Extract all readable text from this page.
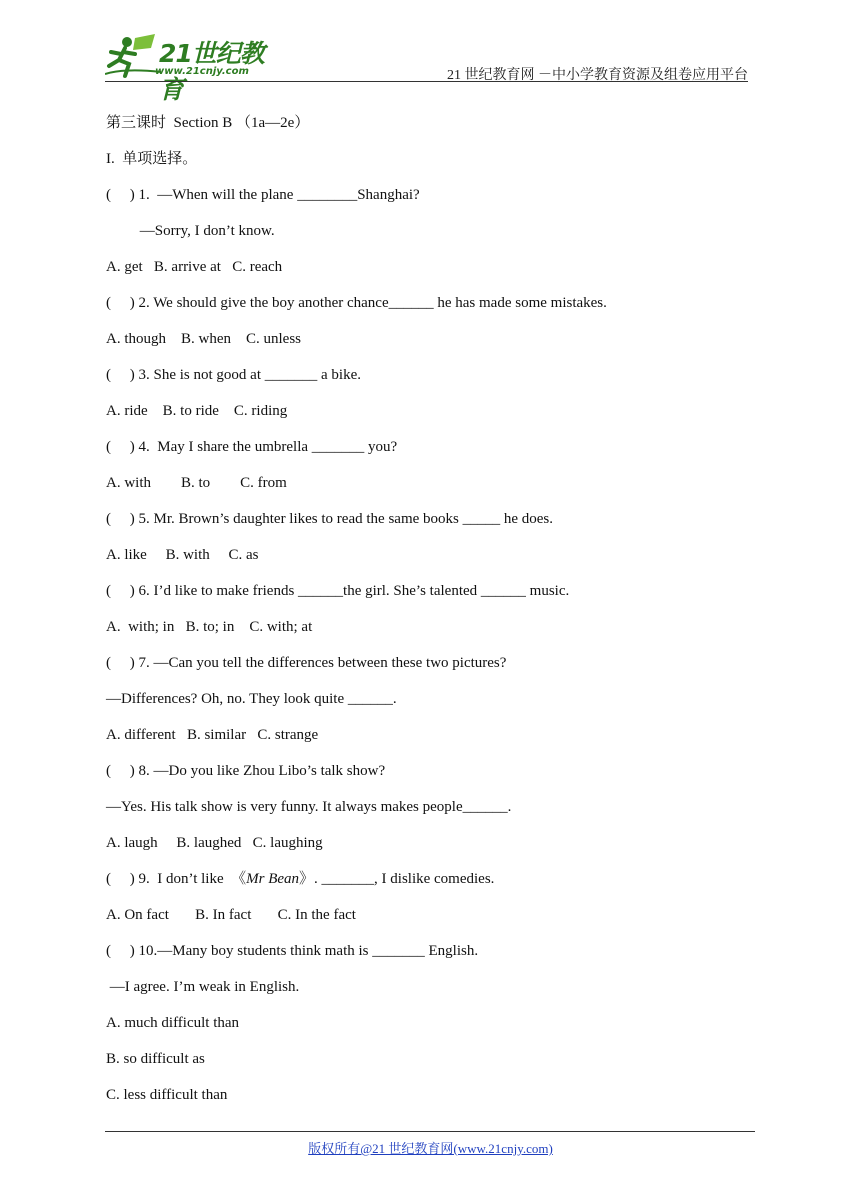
21世纪教育
www.21cnjy.com	21 世纪教育网 －中小学教育资源及组卷应用平台
第三课时  Section B （1a—2e）
I.  单项选择。
(     ) 1.  —When will the plane ________Shanghai?
—Sorry, I don’t know.
A. get   B. arrive at   C. reach
(     ) 2. We should give the boy another chance______ he has made some mistakes.
A. though    B. when    C. unless
(     ) 3. She is not good at _______ a bike.
A. ride    B. to ride    C. riding
(     ) 4.  May I share the umbrella _______ you?
A. with        B. to        C. from
(     ) 5. Mr. Brown’s daughter likes to read the same books _____ he does.
A. like     B. with     C. as
(     ) 6. I’d like to make friends ______the girl. She’s talented ______ music.
A.  with; in   B. to; in    C. with; at
(     ) 7. —Can you tell the differences between these two pictures?
—Differences? Oh, no. They look quite ______.
A. different   B. similar   C. strange
(     ) 8. —Do you like Zhou Libo’s talk show?
—Yes. His talk show is very funny. It always makes people______.
A. laugh     B. laughed   C. laughing
(     ) 9.  I don’t like  《Mr Bean》. _______, I dislike comedies.
A. On fact       B. In fact       C. In the fact
(     ) 10.—Many boy students think math is _______ English.
—I agree. I’m weak in English.
A. much difficult than
B. so difficult as
C. less difficult than
版权所有@21 世纪教育网(www.21cnjy.com)
